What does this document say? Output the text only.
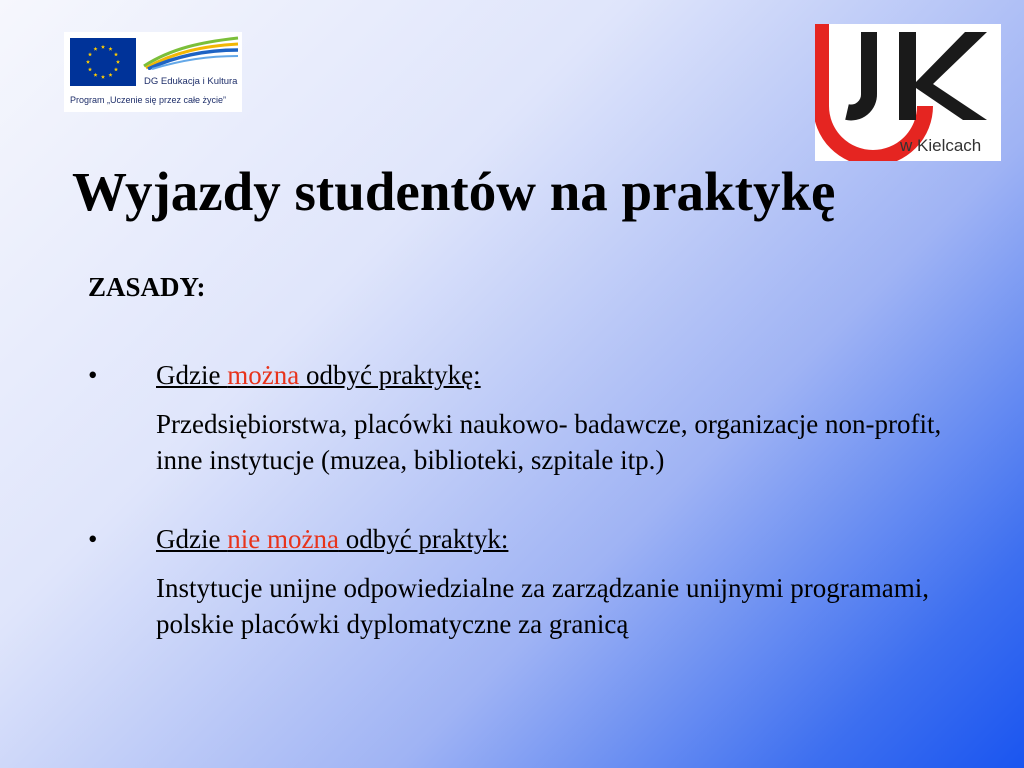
DG Edukacja i Kultura
Program „Uczenie się przez całe życie”
w Kielcach
Wyjazdy studentów na praktykę
ZASADY:
• Gdzie można odbyć praktykę:
Przedsiębiorstwa, placówki naukowo- badawcze, organizacje non-profit, inne instytucje (muzea, biblioteki, szpitale itp.)
• Gdzie nie można odbyć praktyk:
Instytucje unijne odpowiedzialne za zarządzanie unijnymi programami, polskie placówki dyplomatyczne za granicą
